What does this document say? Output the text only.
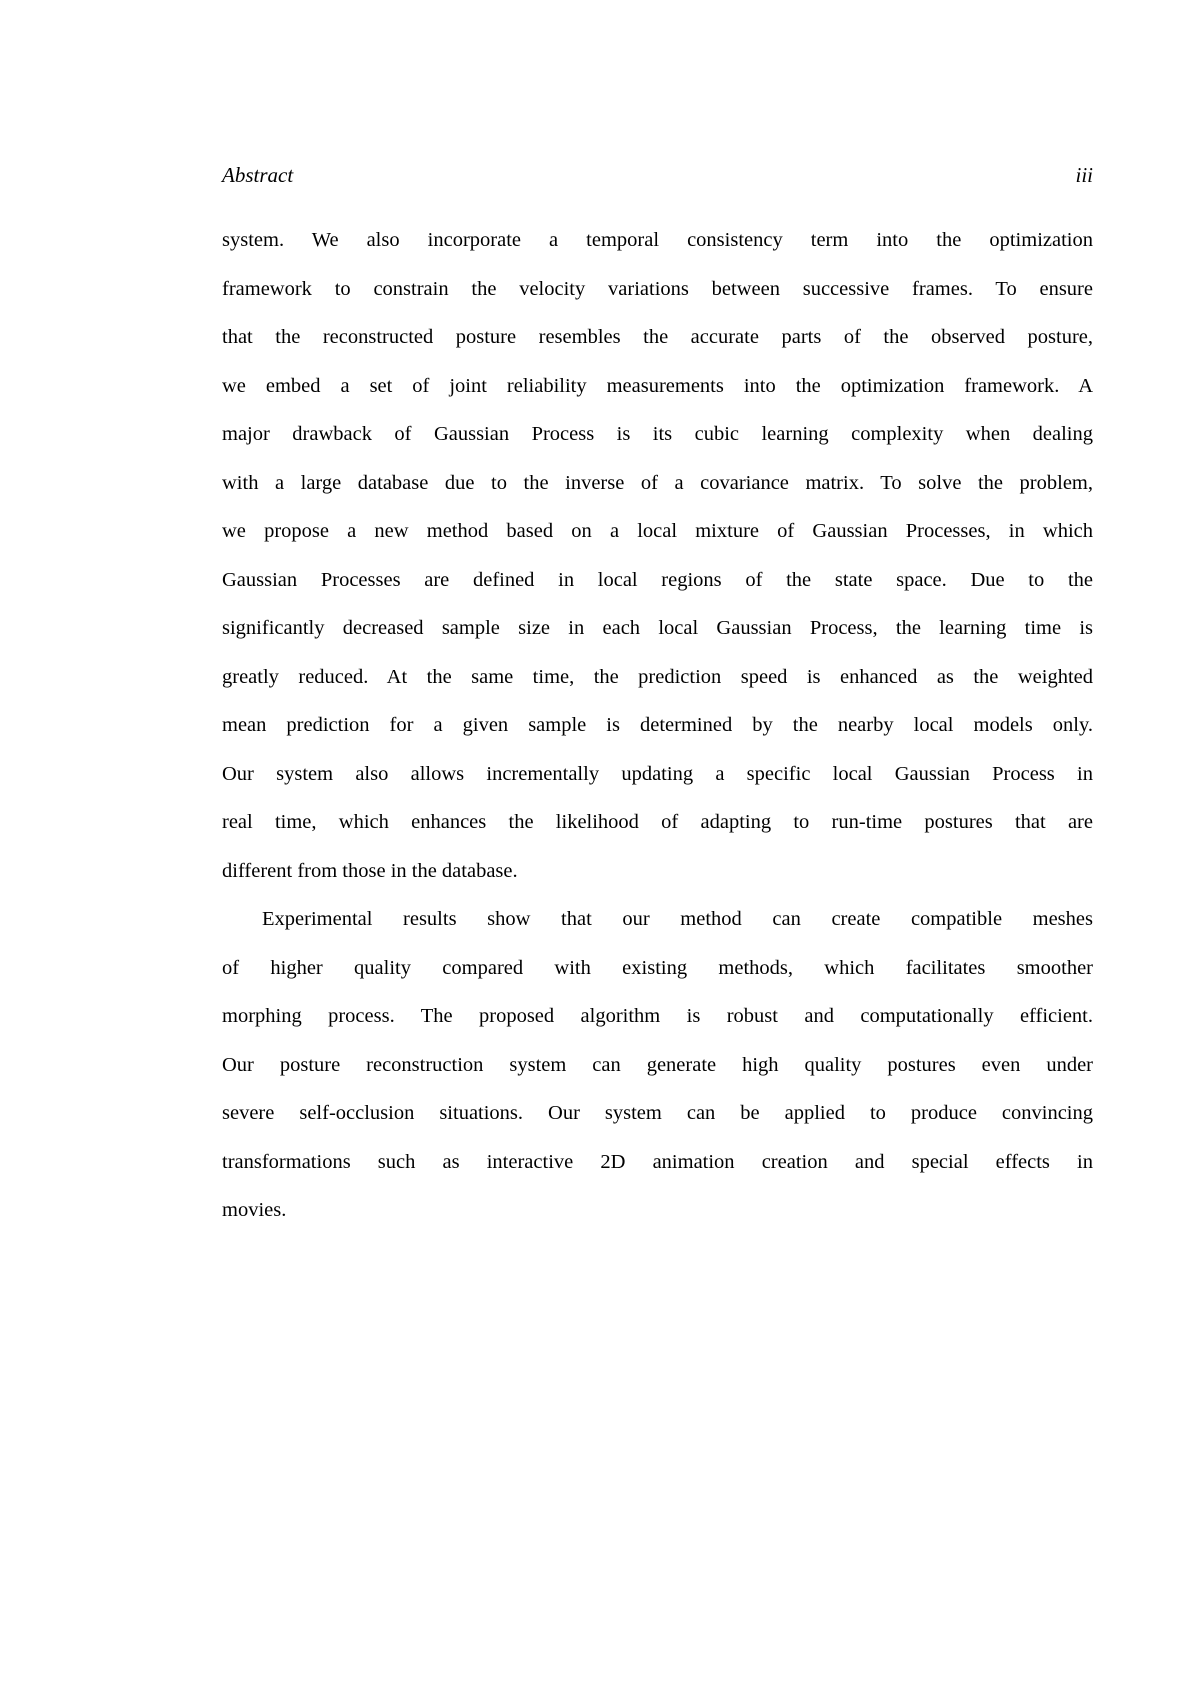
Abstract	iii
system. We also incorporate a temporal consistency term into the optimization
framework to constrain the velocity variations between successive frames. To ensure
that the reconstructed posture resembles the accurate parts of the observed posture,
we embed a set of joint reliability measurements into the optimization framework. A
major drawback of Gaussian Process is its cubic learning complexity when dealing
with a large database due to the inverse of a covariance matrix. To solve the problem,
we propose a new method based on a local mixture of Gaussian Processes, in which
Gaussian Processes are defined in local regions of the state space. Due to the
significantly decreased sample size in each local Gaussian Process, the learning time is
greatly reduced. At the same time, the prediction speed is enhanced as the weighted
mean prediction for a given sample is determined by the nearby local models only.
Our system also allows incrementally updating a specific local Gaussian Process in
real time, which enhances the likelihood of adapting to run-time postures that are
different from those in the database.
Experimental results show that our method can create compatible meshes
of higher quality compared with existing methods, which facilitates smoother
morphing process. The proposed algorithm is robust and computationally efficient.
Our posture reconstruction system can generate high quality postures even under
severe self-occlusion situations. Our system can be applied to produce convincing
transformations such as interactive 2D animation creation and special effects in
movies.
